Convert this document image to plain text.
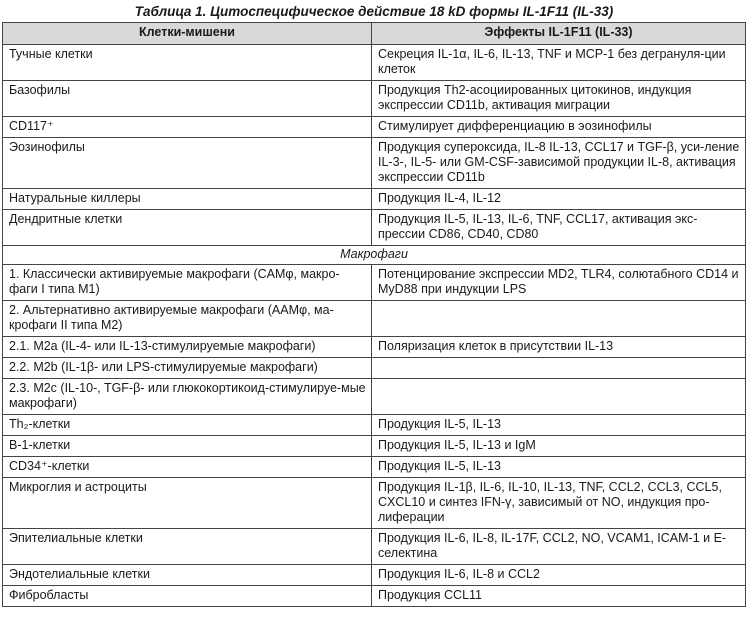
Таблица 1. Цитоспецифическое действие 18 kD формы IL-1F11 (IL-33)
Клетки-мишени	Эффекты IL-1F11 (IL-33)
Тучные клетки	Секреция IL-1α, IL-6, IL-13, TNF и MCP-1 без дегрануля-ции клеток
Базофилы	Продукция Th2-асоциированных цитокинов, индукция экспрессии CD11b, активация миграции
CD117⁺	Стимулирует дифференциацию в эозинофилы
Эозинофилы	Продукция супероксида, IL-8 IL-13, CCL17 и TGF-β, уси-ление IL-3-, IL-5- или GM-CSF-зависимой продукции IL-8, активация экспрессии CD11b
Натуральные киллеры	Продукция IL-4, IL-12
Дендритные клетки	Продукция IL-5, IL-13, IL-6, TNF, CCL17, активация экс-прессии CD86, CD40, CD80
Макрофаги	
1. Классически активируемые макрофаги (CAMφ, макро-фаги I типа M1)	Потенцирование экспрессии MD2, TLR4, солютабного CD14 и MyD88 при индукции LPS
2. Альтернативно активируемые макрофаги (AAMφ, ма-крофаги II типа M2)	
2.1. M2a (IL-4- или IL-13-стимулируемые макрофаги)	Поляризация клеток в присутствии IL-13
2.2. M2b (IL-1β- или LPS-стимулируемые макрофаги)	
2.3. M2c (IL-10-, TGF-β- или глюкокортикоид-стимулируе-мые макрофаги)	
Th₂-клетки	Продукция IL-5, IL-13
B-1-клетки	Продукция IL-5, IL-13 и IgM
CD34⁺-клетки	Продукция IL-5, IL-13
Микроглия и астроциты	Продукция IL-1β, IL-6, IL-10, IL-13, TNF, CCL2, CCL3, CCL5, CXCL10 и синтез IFN-γ, зависимый от NO, индукция про-лиферации
Эпителиальные клетки	Продукция IL-6, IL-8, IL-17F, CCL2, NO, VCAM1, ICAM-1 и E-селектина
Эндотелиальные клетки	Продукция IL-6, IL-8 и CCL2
Фибробласты	Продукция CCL11
